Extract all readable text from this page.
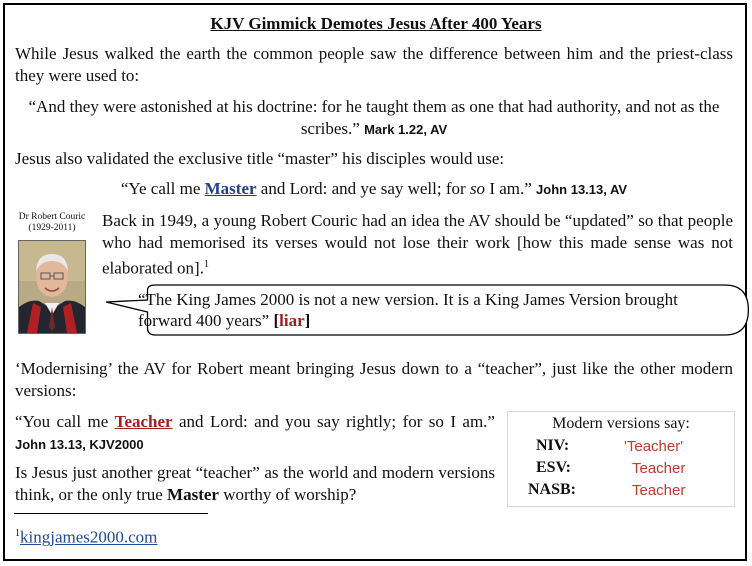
KJV Gimmick Demotes Jesus After 400 Years
While Jesus walked the earth the common people saw the difference between him and the priest-class they were used to:
“And they were astonished at his doctrine: for he taught them as one that had authority, and not as the scribes.” Mark 1.22, AV
Jesus also validated the exclusive title “master” his disciples would use:
“Ye call me Master and Lord: and ye say well; for so I am.” John 13.13, AV
Dr Robert Couric
(1929-2011)	Back in 1949, a young Robert Couric had an idea the AV should be “updated” so that people who had memorised its verses would not lose their work [how this made sense was not elaborated on].$^1$
“The King James 2000 is not a new version. It is a King James Version brought forward 400 years” [liar]
‘Modernising’ the AV for Robert meant bringing Jesus down to a “teacher”, just like the other modern versions:
“You call me Teacher and Lord: and you say rightly; for so I am.” John 13.13, KJV2000
Is Jesus just another great “teacher” as the world and modern versions think, or the only true Master worthy of worship?
Modern versions say:
NIV:	'Teacher'
ESV:	Teacher
NASB:	Teacher
$^1$kingjames2000.com
